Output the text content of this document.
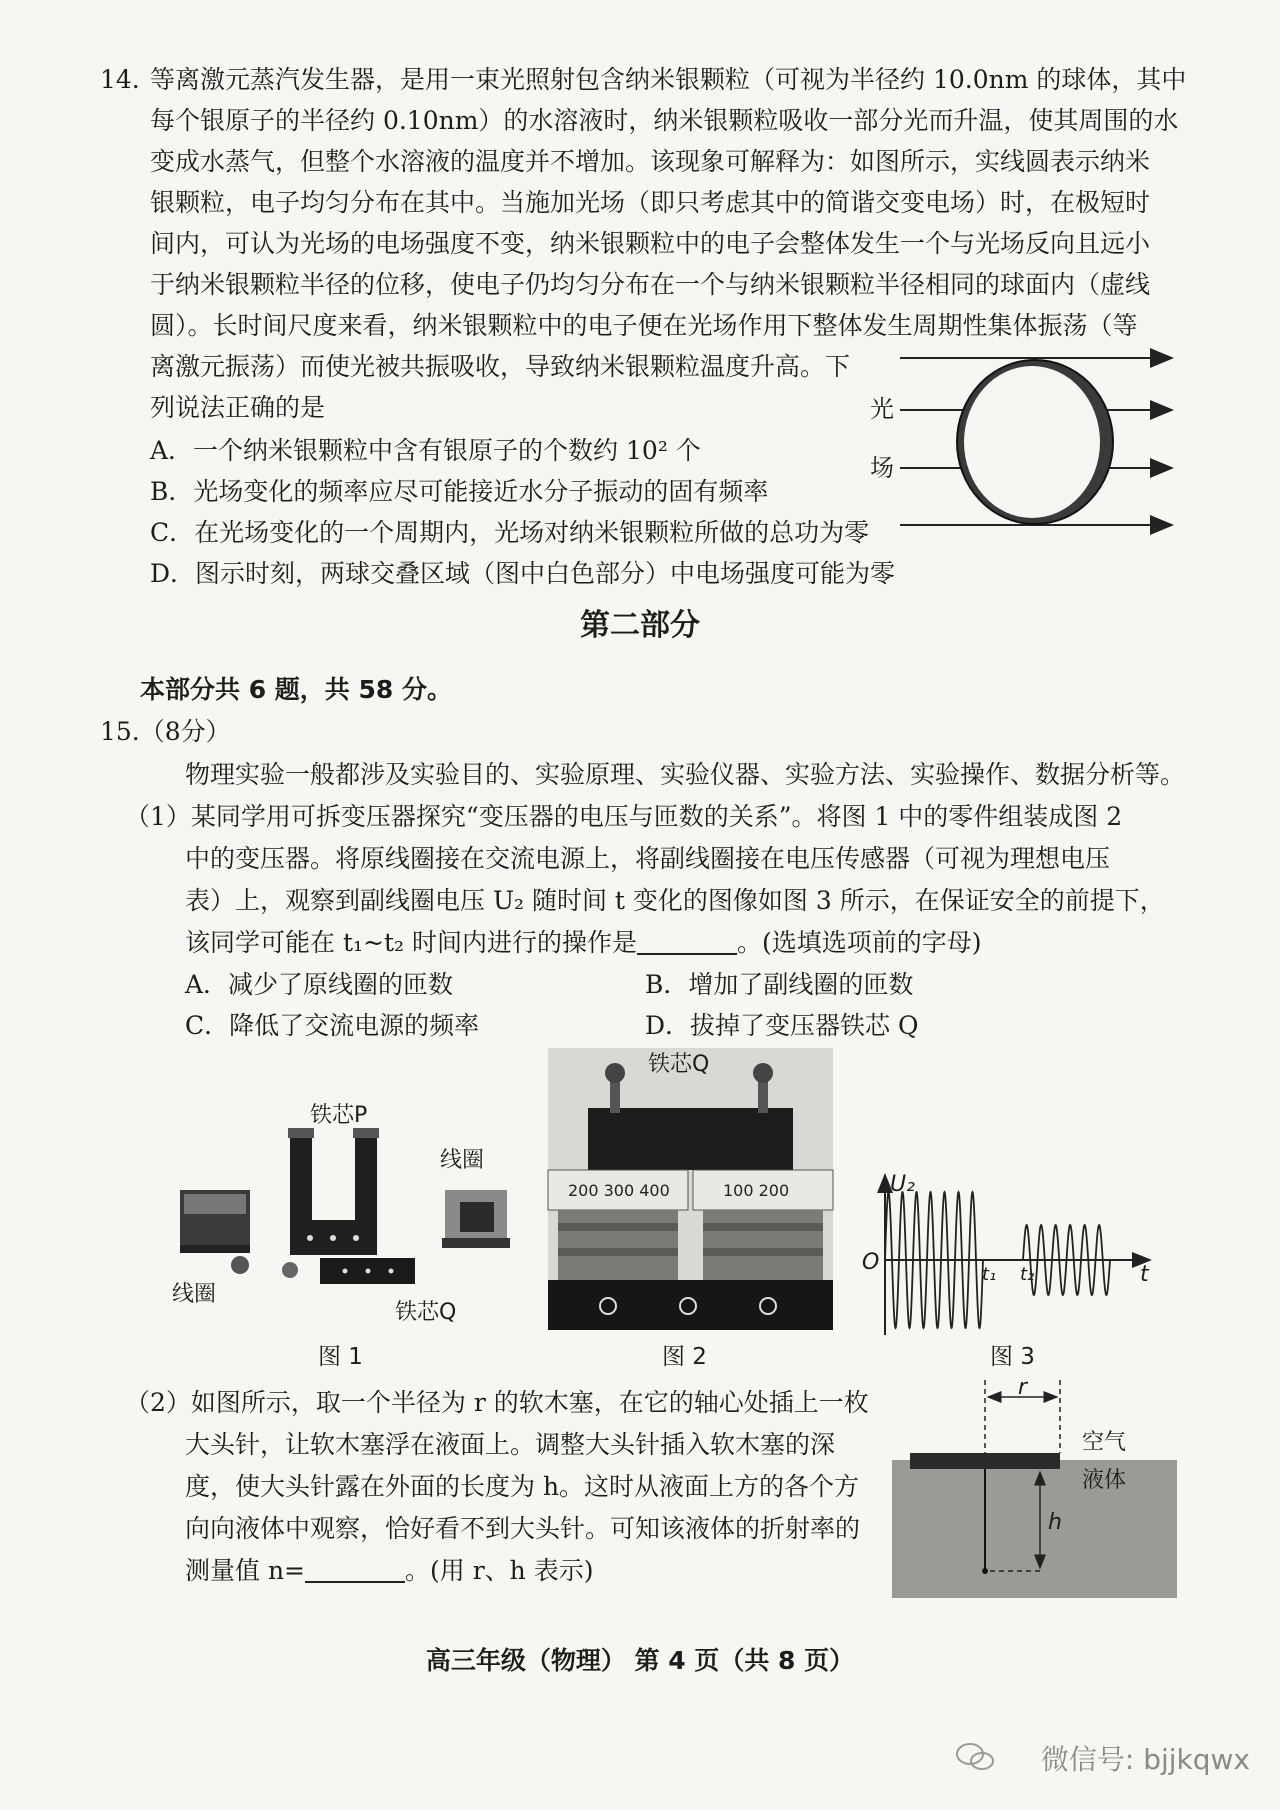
14. 等离激元蒸汽发生器，是用一束光照射包含纳米银颗粒（可视为半径约 10.0nm 的球体，其中
每个银原子的半径约 0.10nm）的水溶液时，纳米银颗粒吸收一部分光而升温，使其周围的水
变成水蒸气，但整个水溶液的温度并不增加。该现象可解释为：如图所示，实线圆表示纳米
银颗粒，电子均匀分布在其中。当施加光场（即只考虑其中的简谐交变电场）时，在极短时
间内，可认为光场的电场强度不变，纳米银颗粒中的电子会整体发生一个与光场反向且远小
于纳米银颗粒半径的位移，使电子仍均匀分布在一个与纳米银颗粒半径相同的球面内（虚线
圆）。长时间尺度来看，纳米银颗粒中的电子便在光场作用下整体发生周期性集体振荡（等
离激元振荡）而使光被共振吸收，导致纳米银颗粒温度升高。下
列说法正确的是
A．一个纳米银颗粒中含有银原子的个数约 10² 个
B．光场变化的频率应尽可能接近水分子振动的固有频率
C．在光场变化的一个周期内，光场对纳米银颗粒所做的总功为零
D．图示时刻，两球交叠区域（图中白色部分）中电场强度可能为零
光
场
第二部分
本部分共 6 题，共 58 分。
15.（8分）
物理实验一般都涉及实验目的、实验原理、实验仪器、实验方法、实验操作、数据分析等。
（1）某同学用可拆变压器探究“变压器的电压与匝数的关系”。将图 1 中的零件组装成图 2
中的变压器。将原线圈接在交流电源上，将副线圈接在电压传感器（可视为理想电压
表）上，观察到副线圈电压 U₂ 随时间 t 变化的图像如图 3 所示，在保证安全的前提下，
该同学可能在 t₁~t₂ 时间内进行的操作是	。(选填选项前的字母)
A．减少了原线圈的匝数	B．增加了副线圈的匝数
C．降低了交流电源的频率	D．拔掉了变压器铁芯 Q
铁芯P
线圈
线圈
铁芯Q
图 1
200 300 400	100 200
铁芯Q
图 2
U₂
O	t₁ t₂	t
图 3
（2）如图所示，取一个半径为 r 的软木塞，在它的轴心处插上一枚
大头针，让软木塞浮在液面上。调整大头针插入软木塞的深
度，使大头针露在外面的长度为 h。这时从液面上方的各个方
向向液体中观察，恰好看不到大头针。可知该液体的折射率的
测量值 n=	。(用 r、h 表示)
r
空气
液体
h
高三年级（物理） 第 4 页（共 8 页）
微信号: bjjkqwx
